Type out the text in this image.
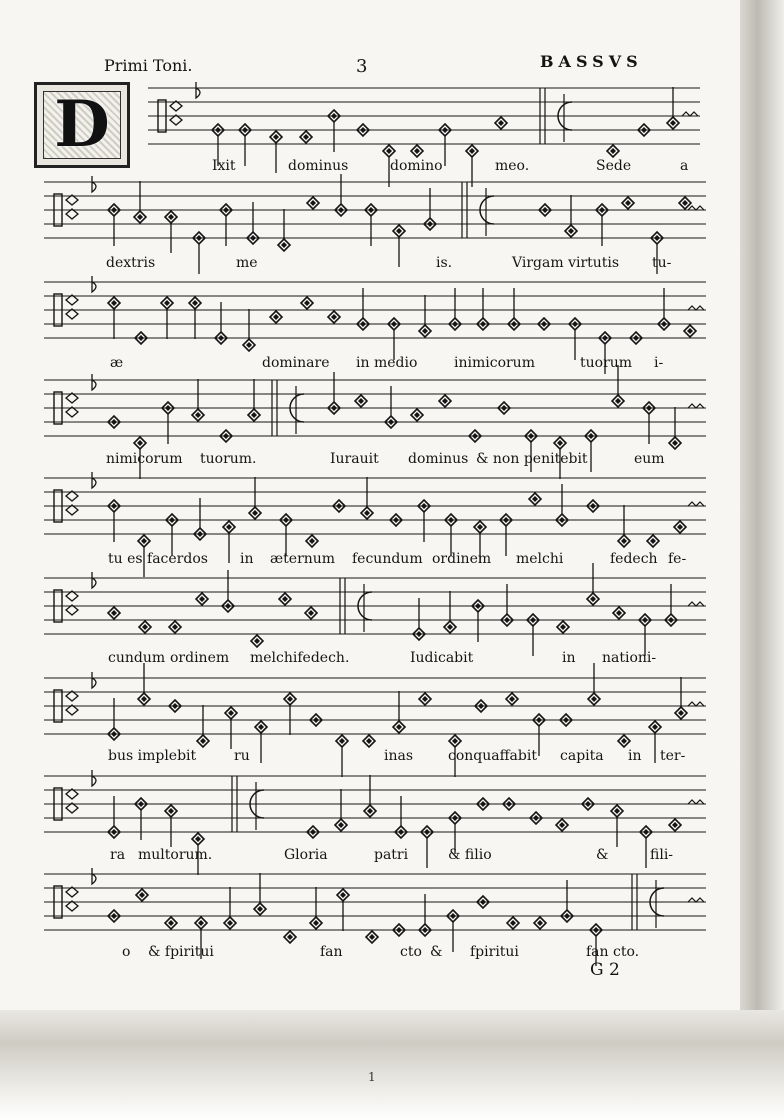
Primi Toni.	3	BASSVS
D
Ixit	dominus	domino	meo.	Sede	a
dextris	me	is.	Virgam virtutis tu-
æ	dominare in medio	inimicorum	tuorum i-
nimicorum tuorum.	Iurauit dominus & non penitebit	eum
tu es facerdos in æternum fecundum ordinem melchi	fedech fe-
cundum ordinem melchifedech.	Iudicabit	in nationi-
bus implebit	ru	inas conquaffabit capita in ter-
ra multorum.	Gloria	patri	& filio	&	fili-
o & fpiritui	fan	cto & fpiritui	fan cto.
G 2
1
